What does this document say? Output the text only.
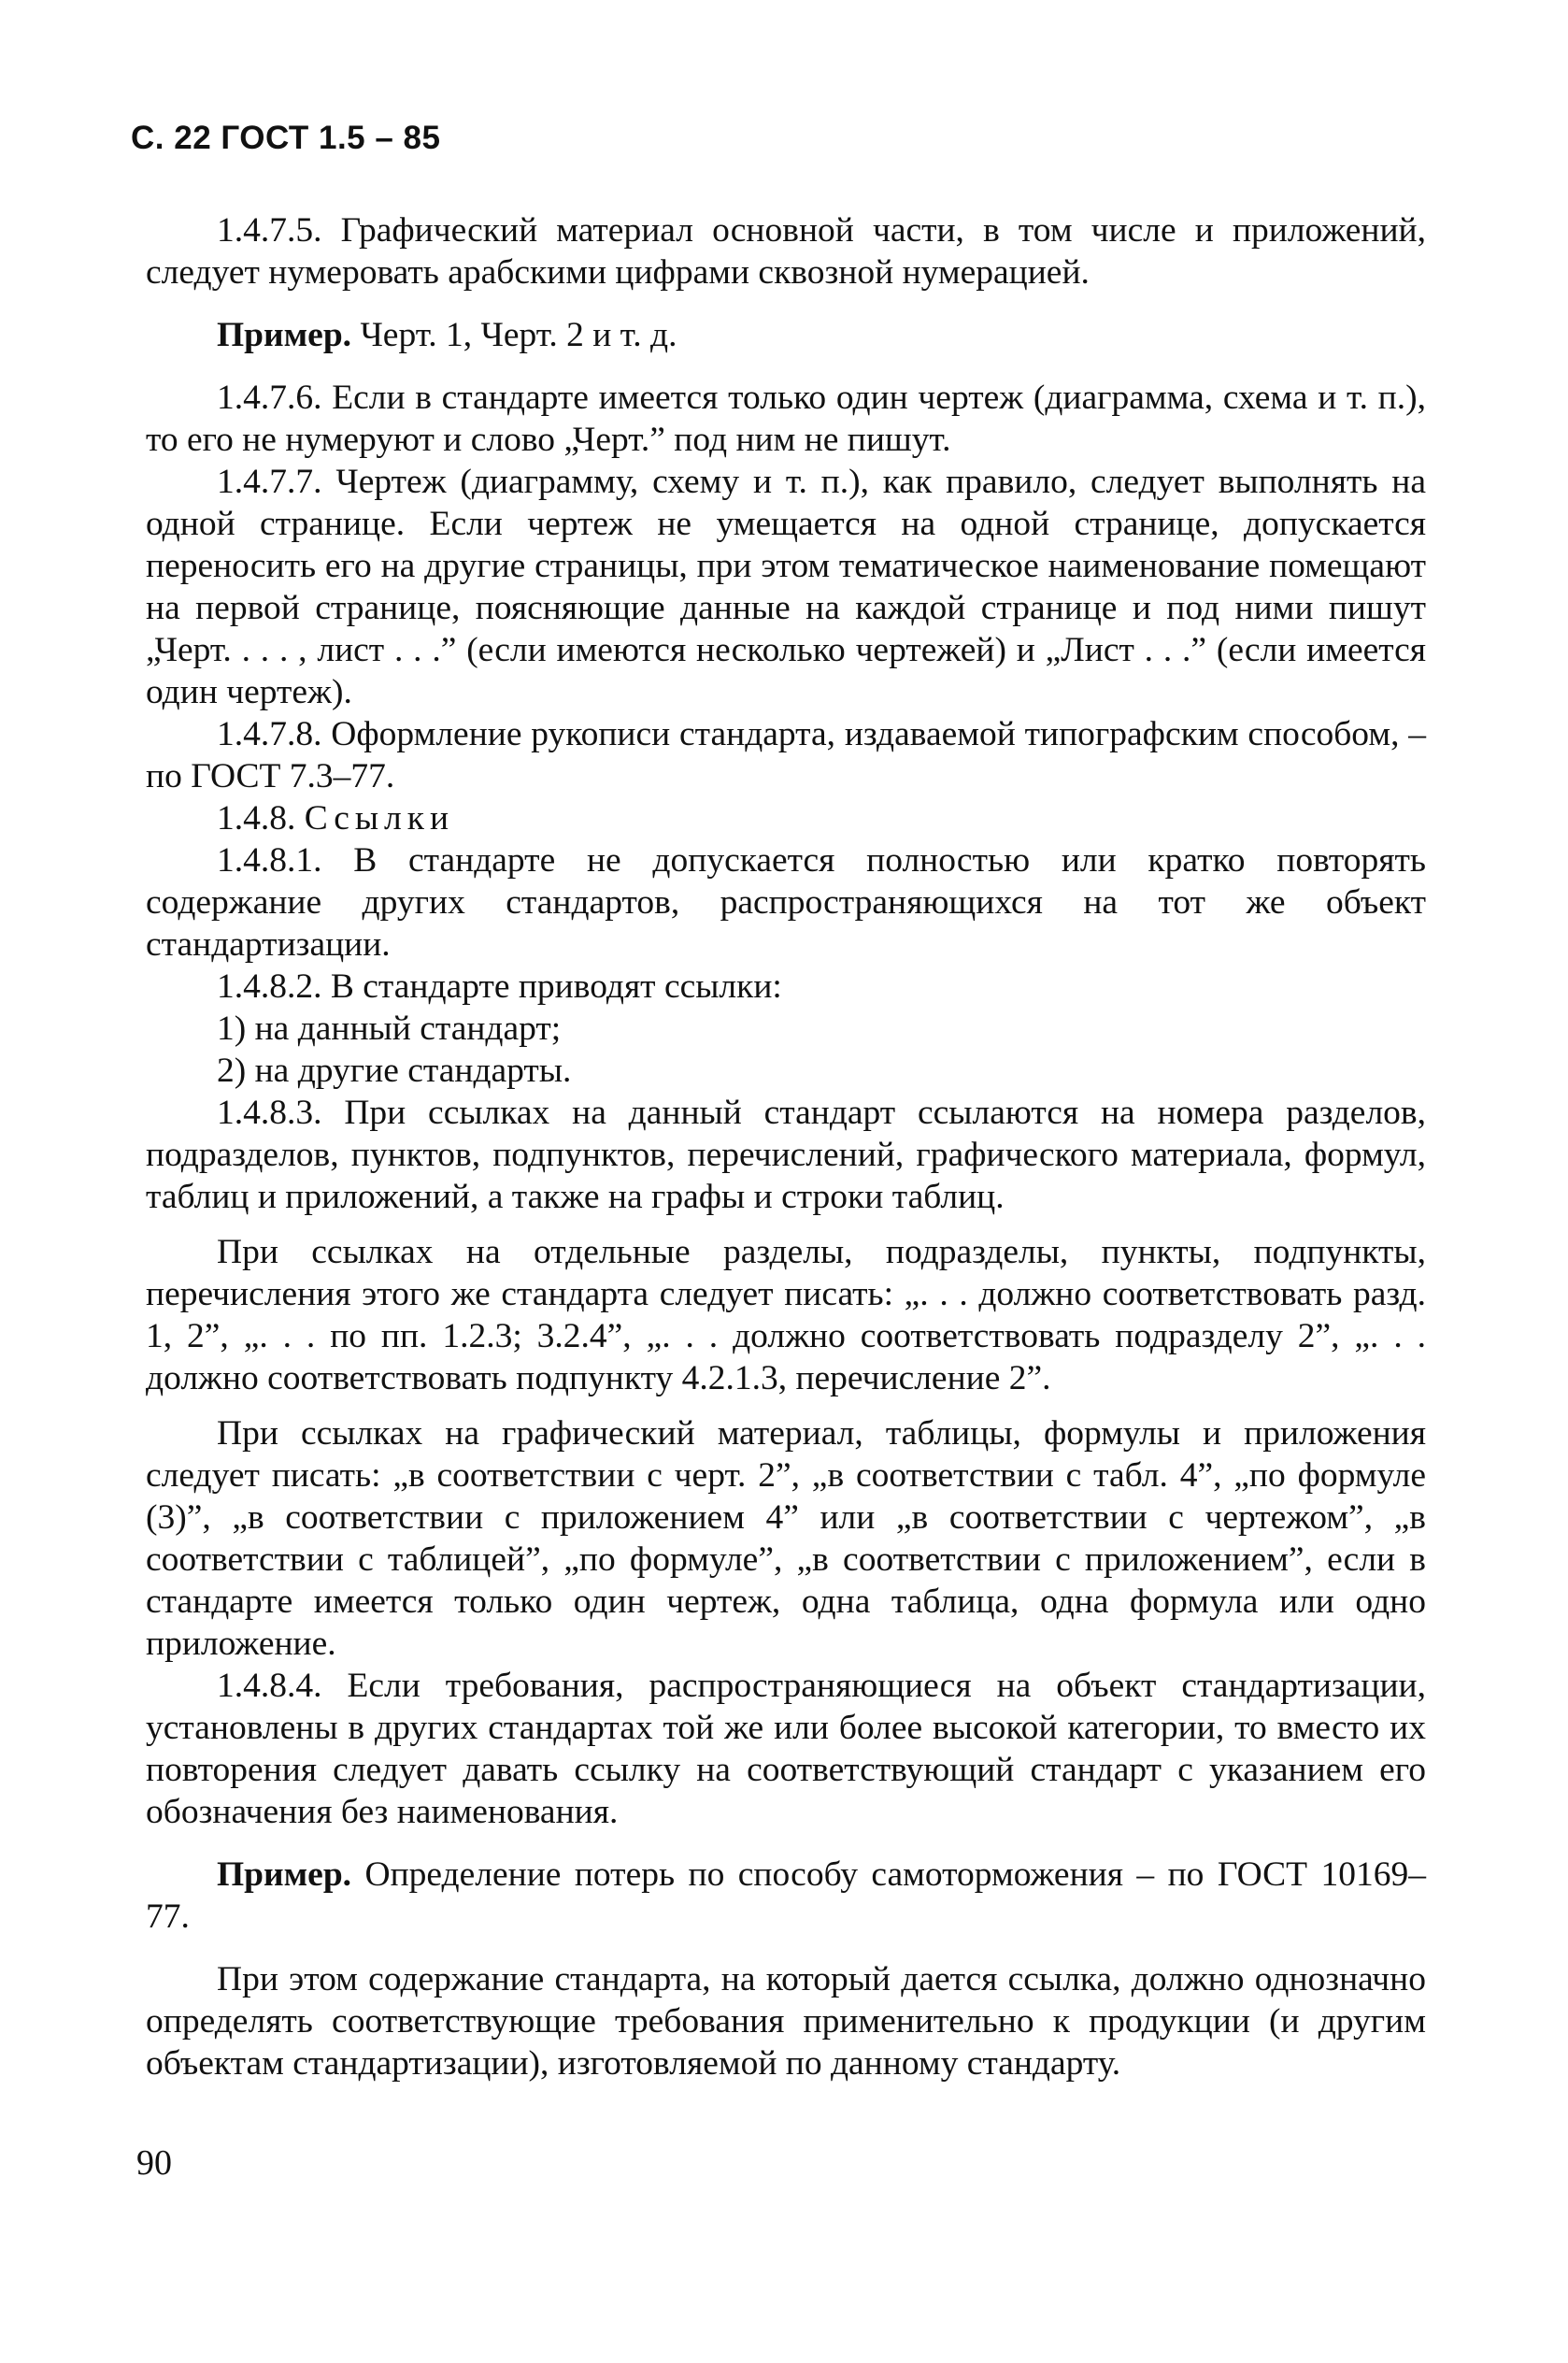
С. 22 ГОСТ 1.5 – 85

1.4.7.5. Графический материал основной части, в том числе и приложений, следует нумеровать арабскими цифрами сквозной нумерацией.

Пример. Черт. 1, Черт. 2 и т. д.

1.4.7.6. Если в стандарте имеется только один чертеж (диаграмма, схема и т. п.), то его не нумеруют и слово „Черт.” под ним не пишут.

1.4.7.7. Чертеж (диаграмму, схему и т. п.), как правило, следует выполнять на одной странице. Если чертеж не умещается на одной странице, допускается переносить его на другие страницы, при этом тематическое наименование помещают на первой странице, поясняющие данные на каждой странице и под ними пишут „Черт. . . . , лист . . .” (если имеются несколько чертежей) и „Лист . . .” (если имеется один чертеж).

1.4.7.8. Оформление рукописи стандарта, издаваемой типографским способом, – по ГОСТ 7.3–77.

1.4.8. Ссылки

1.4.8.1. В стандарте не допускается полностью или кратко повторять содержание других стандартов, распространяющихся на тот же объект стандартизации.

1.4.8.2. В стандарте приводят ссылки:

1) на данный стандарт;

2) на другие стандарты.

1.4.8.3. При ссылках на данный стандарт ссылаются на номера разделов, подразделов, пунктов, подпунктов, перечислений, графического материала, формул, таблиц и приложений, а также на графы и строки таблиц.

При ссылках на отдельные разделы, подразделы, пункты, подпункты, перечисления этого же стандарта следует писать: „. . . должно соответствовать разд. 1, 2”, „. . . по пп. 1.2.3; 3.2.4”, „. . . должно соответствовать подразделу 2”, „. . . должно соответствовать подпункту 4.2.1.3, перечисление 2”.

При ссылках на графический материал, таблицы, формулы и приложения следует писать: „в соответствии с черт. 2”, „в соответствии с табл. 4”, „по формуле (3)”, „в соответствии с приложением 4” или „в соответствии с чертежом”, „в соответствии с таблицей”, „по формуле”, „в соответствии с приложением”, если в стандарте имеется только один чертеж, одна таблица, одна формула или одно приложение.

1.4.8.4. Если требования, распространяющиеся на объект стандартизации, установлены в других стандартах той же или более высокой категории, то вместо их повторения следует давать ссылку на соответствующий стандарт с указанием его обозначения без наименования.

Пример. Определение потерь по способу самоторможения – по ГОСТ 10169–77.

При этом содержание стандарта, на который дается ссылка, должно однозначно определять соответствующие требования применительно к продукции (и другим объектам стандартизации), изготовляемой по данному стандарту.

90
